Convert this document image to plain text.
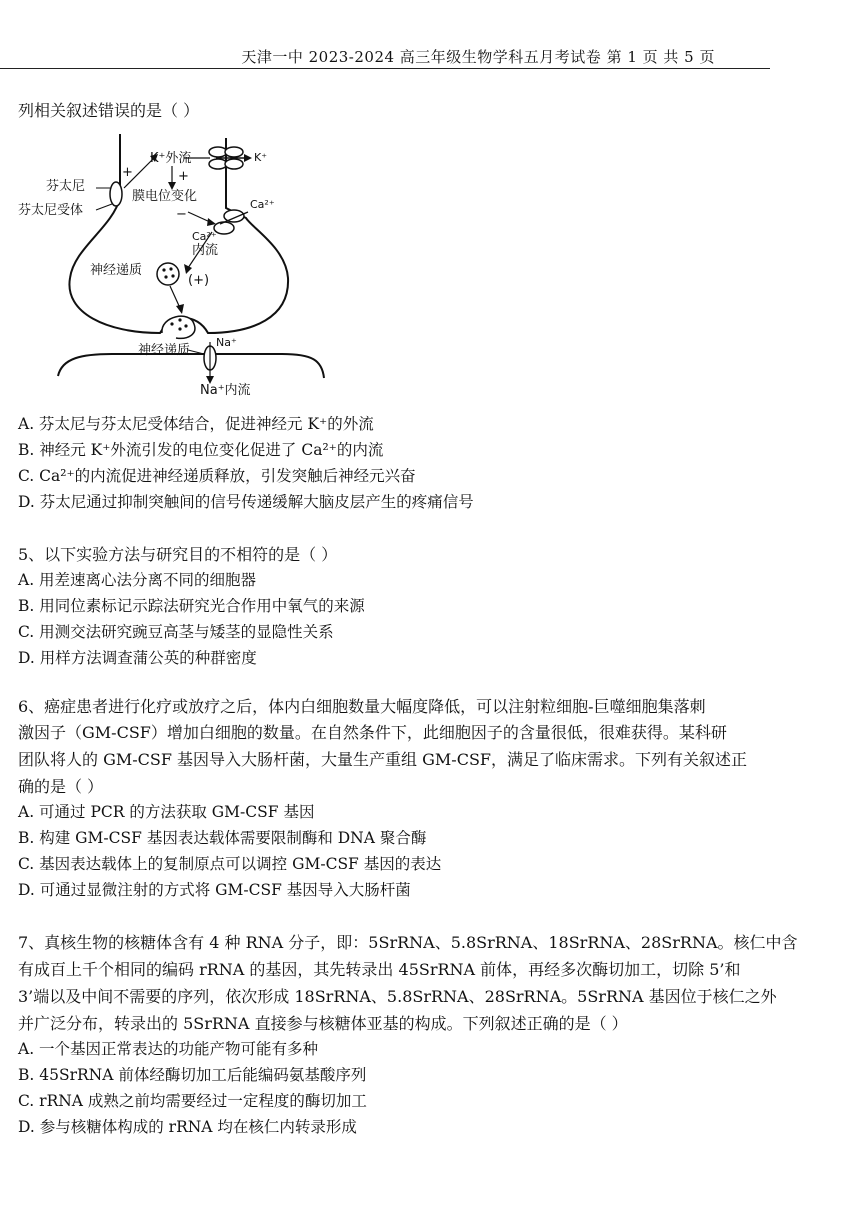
天津一中 2023-2024 高三年级生物学科五月考试卷 第 1 页 共 5 页
列相关叙述错误的是（ ）
K⁺外流	K⁺
+	+
芬太尼
芬太尼受体
膜电位变化
−
Ca²⁺
Ca²⁺
内流
神经递质
(+)
神经递质
Na⁺
Na⁺内流
A. 芬太尼与芬太尼受体结合，促进神经元 K⁺的外流
B. 神经元 K⁺外流引发的电位变化促进了 Ca²⁺的内流
C. Ca²⁺的内流促进神经递质释放，引发突触后神经元兴奋
D. 芬太尼通过抑制突触间的信号传递缓解大脑皮层产生的疼痛信号
5、以下实验方法与研究目的不相符的是（ ）
A. 用差速离心法分离不同的细胞器
B. 用同位素标记示踪法研究光合作用中氧气的来源
C. 用测交法研究豌豆高茎与矮茎的显隐性关系
D. 用样方法调查蒲公英的种群密度
6、癌症患者进行化疗或放疗之后，体内白细胞数量大幅度降低，可以注射粒细胞-巨噬细胞集落刺
激因子（GM-CSF）增加白细胞的数量。在自然条件下，此细胞因子的含量很低，很难获得。某科研
团队将人的 GM-CSF 基因导入大肠杆菌，大量生产重组 GM-CSF，满足了临床需求。下列有关叙述正
确的是（ ）
A. 可通过 PCR 的方法获取 GM-CSF 基因
B. 构建 GM-CSF 基因表达载体需要限制酶和 DNA 聚合酶
C. 基因表达载体上的复制原点可以调控 GM-CSF 基因的表达
D. 可通过显微注射的方式将 GM-CSF 基因导入大肠杆菌
7、真核生物的核糖体含有 4 种 RNA 分子，即：5SrRNA、5.8SrRNA、18SrRNA、28SrRNA。核仁中含
有成百上千个相同的编码 rRNA 的基因，其先转录出 45SrRNA 前体，再经多次酶切加工，切除 5’和
3’端以及中间不需要的序列，依次形成 18SrRNA、5.8SrRNA、28SrRNA。5SrRNA 基因位于核仁之外
并广泛分布，转录出的 5SrRNA 直接参与核糖体亚基的构成。下列叙述正确的是（ ）
A. 一个基因正常表达的功能产物可能有多种
B. 45SrRNA 前体经酶切加工后能编码氨基酸序列
C. rRNA 成熟之前均需要经过一定程度的酶切加工
D. 参与核糖体构成的 rRNA 均在核仁内转录形成
